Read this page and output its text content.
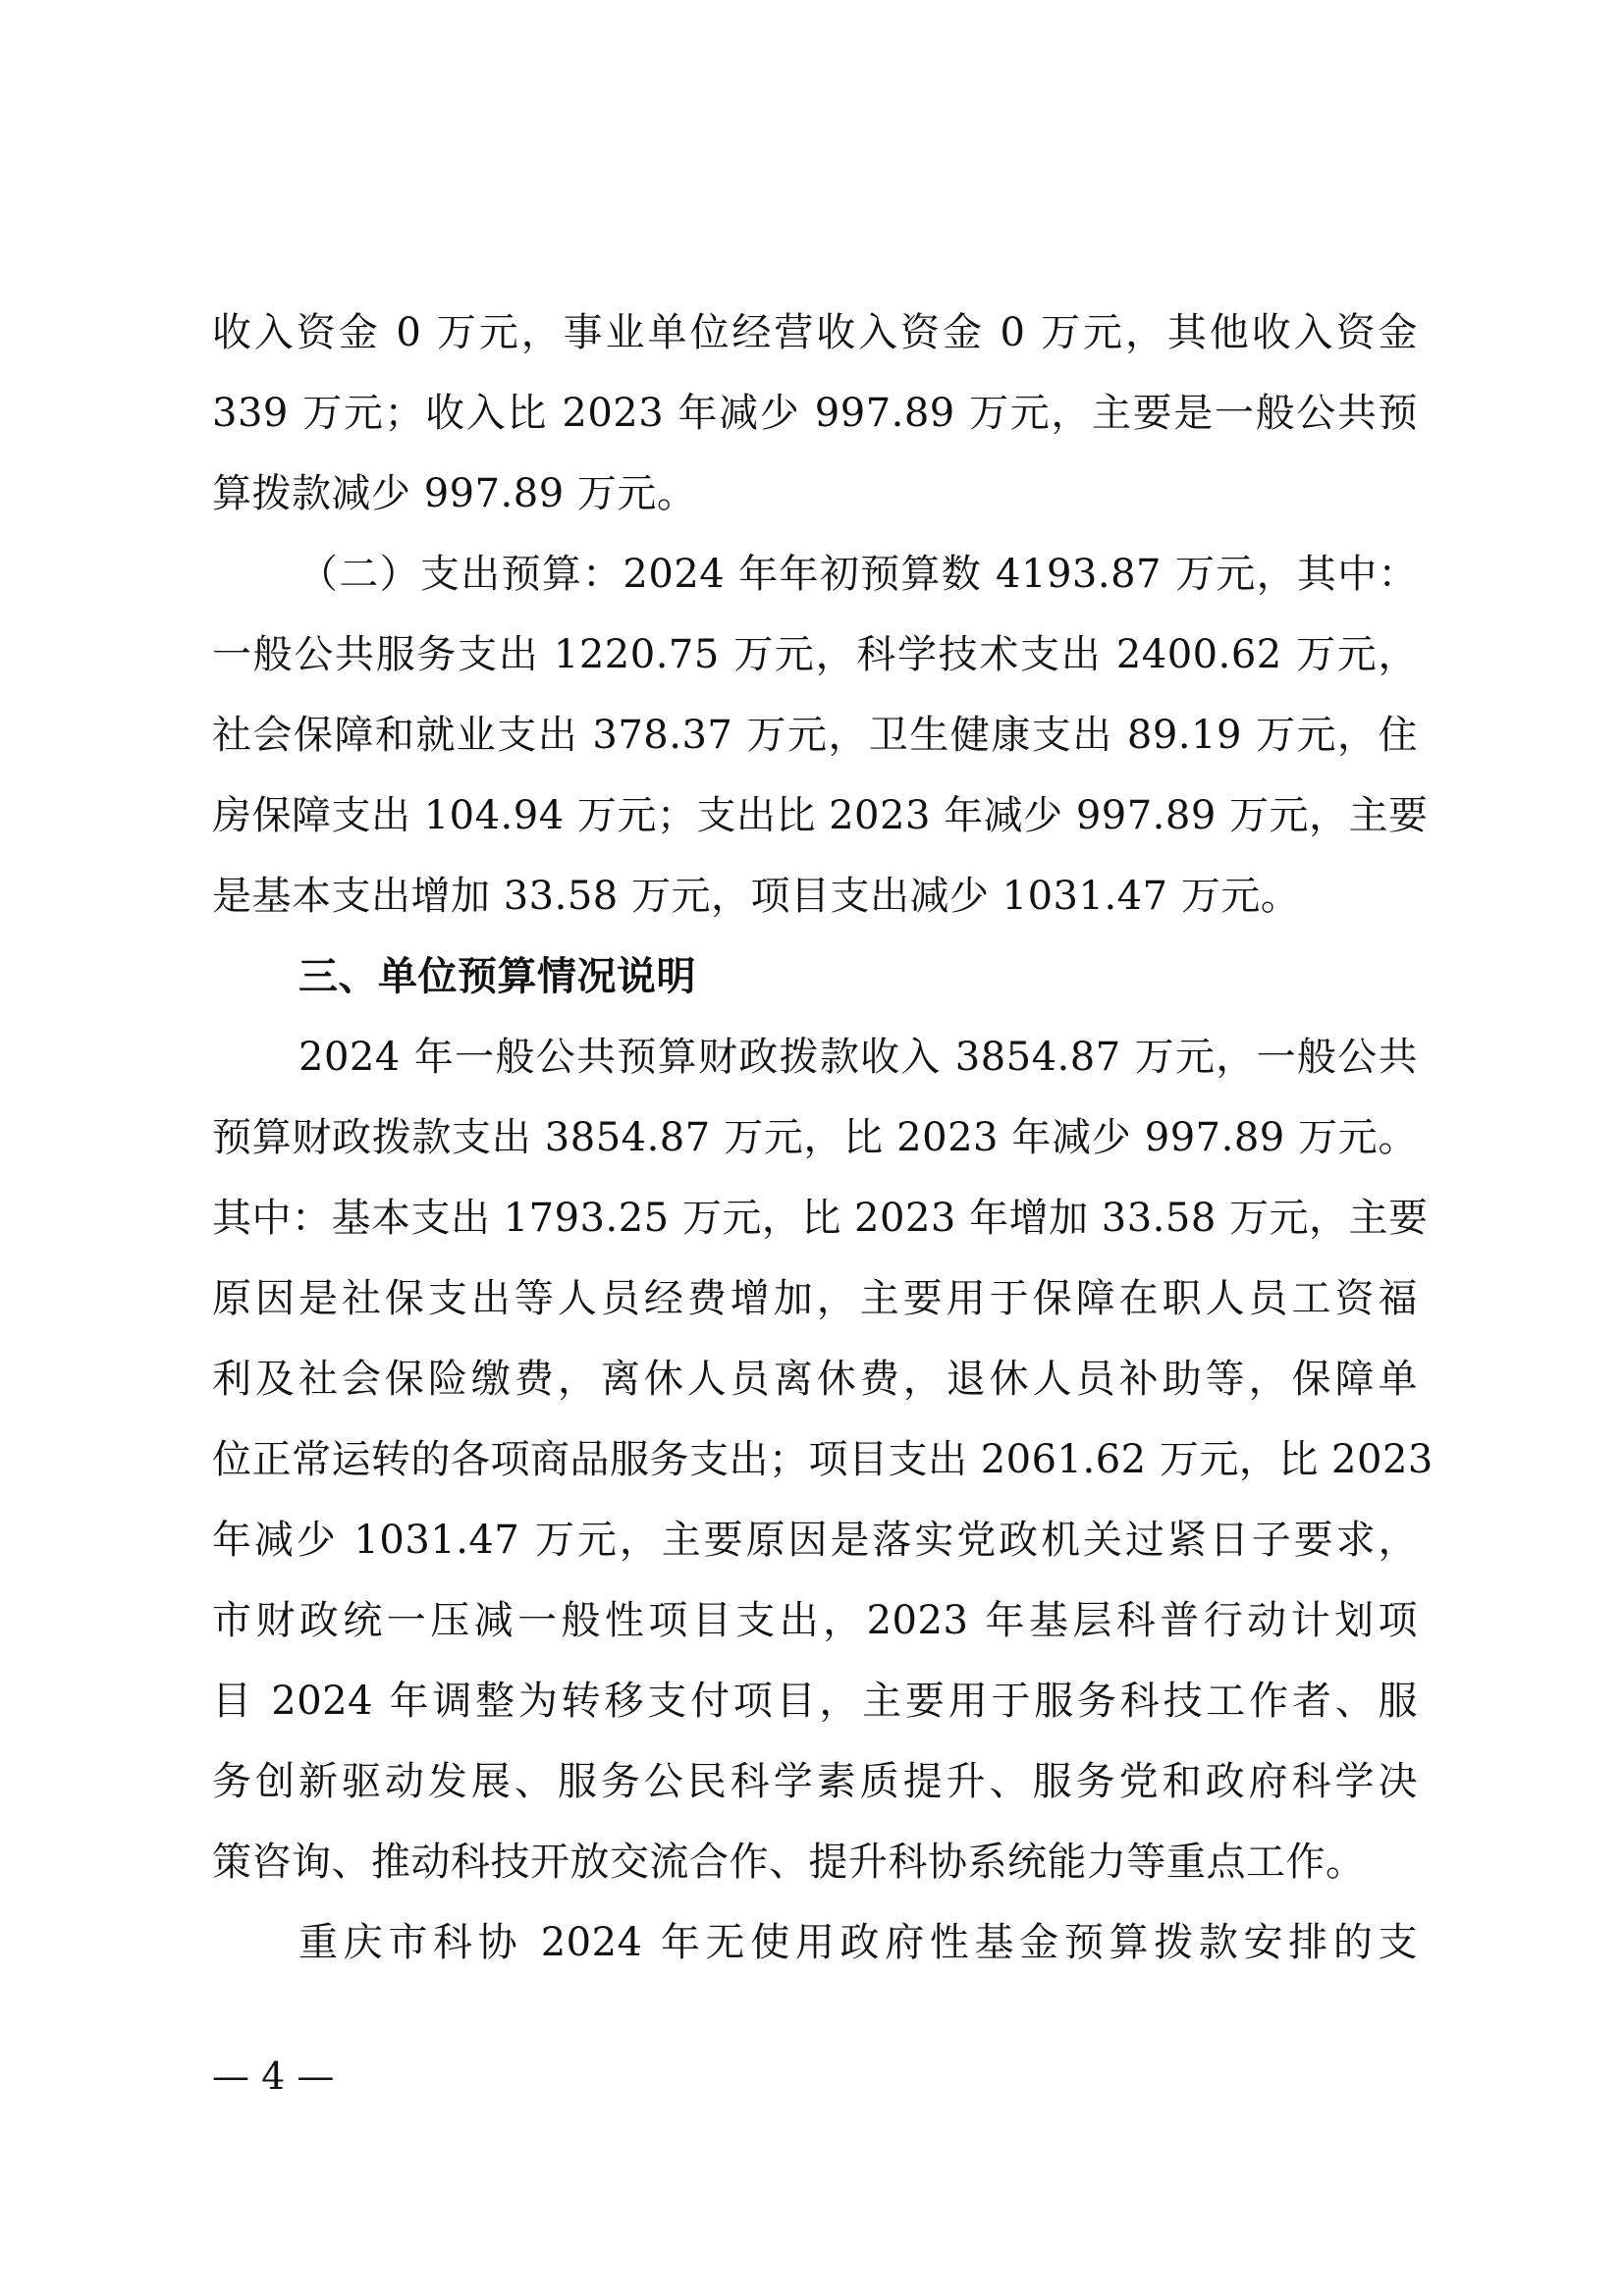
收入资金 0 万元，事业单位经营收入资金 0 万元，其他收入资金
339 万元；收入比 2023 年减少 997.89 万元，主要是一般公共预
算拨款减少 997.89 万元。
（二）支出预算：2024 年年初预算数 4193.87 万元，其中：
一般公共服务支出 1220.75 万元，科学技术支出 2400.62 万元，
社会保障和就业支出 378.37 万元，卫生健康支出 89.19 万元，住
房保障支出 104.94 万元；支出比 2023 年减少 997.89 万元，主要
是基本支出增加 33.58 万元，项目支出减少 1031.47 万元。
三、单位预算情况说明
2024 年一般公共预算财政拨款收入 3854.87 万元，一般公共
预算财政拨款支出 3854.87 万元，比 2023 年减少 997.89 万元。
其中：基本支出 1793.25 万元，比 2023 年增加 33.58 万元，主要
原因是社保支出等人员经费增加，主要用于保障在职人员工资福
利及社会保险缴费，离休人员离休费，退休人员补助等，保障单
位正常运转的各项商品服务支出；项目支出 2061.62 万元，比 2023
年减少 1031.47 万元，主要原因是落实党政机关过紧日子要求，
市财政统一压减一般性项目支出，2023 年基层科普行动计划项
目 2024 年调整为转移支付项目，主要用于服务科技工作者、服
务创新驱动发展、服务公民科学素质提升、服务党和政府科学决
策咨询、推动科技开放交流合作、提升科协系统能力等重点工作。
重庆市科协 2024 年无使用政府性基金预算拨款安排的支
— 4 —
